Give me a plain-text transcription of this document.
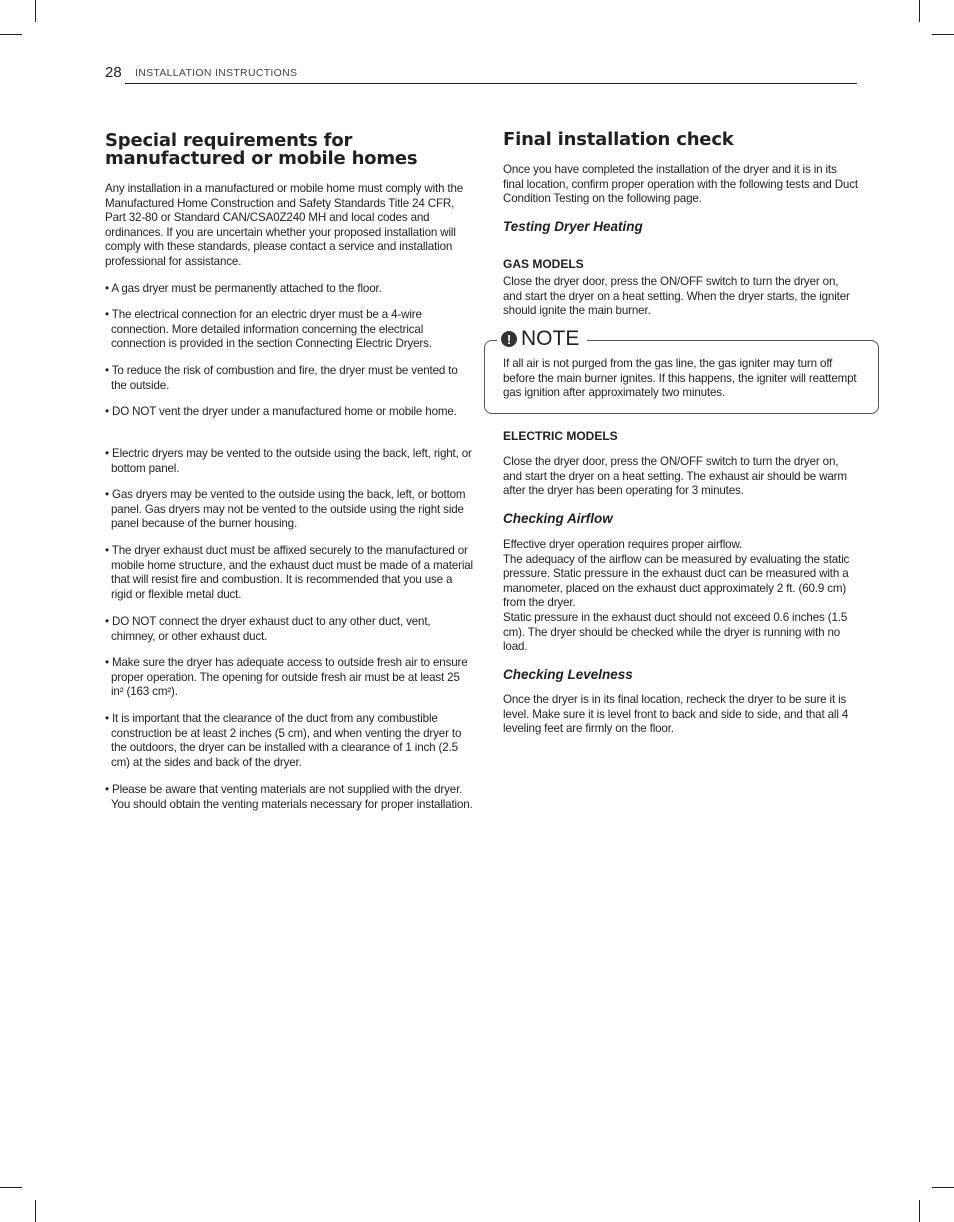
28 INSTALLATION INSTRUCTIONS
Special requirements for manufactured or mobile homes
Any installation in a manufactured or mobile home must comply with the Manufactured Home Construction and Safety Standards Title 24 CFR, Part 32-80 or Standard CAN/CSA0Z240 MH and local codes and ordinances. If you are uncertain whether your proposed installation will comply with these standards, please contact a service and installation professional for assistance.
• A gas dryer must be permanently attached to the floor.
• The electrical connection for an electric dryer must be a 4-wire connection. More detailed information concerning the electrical connection is provided in the section Connecting Electric Dryers.
• To reduce the risk of combustion and fire, the dryer must be vented to the outside.
• DO NOT vent the dryer under a manufactured home or mobile home.
• Electric dryers may be vented to the outside using the back, left, right, or bottom panel.
• Gas dryers may be vented to the outside using the back, left, or bottom panel. Gas dryers may not be vented to the outside using the right side panel because of the burner housing.
• The dryer exhaust duct must be affixed securely to the manufactured or mobile home structure, and the exhaust duct must be made of a material that will resist fire and combustion. It is recommended that you use a rigid or flexible metal duct.
• DO NOT connect the dryer exhaust duct to any other duct, vent, chimney, or other exhaust duct.
• Make sure the dryer has adequate access to outside fresh air to ensure proper operation. The opening for outside fresh air must be at least 25 in² (163 cm²).
• It is important that the clearance of the duct from any combustible construction be at least 2 inches (5 cm), and when venting the dryer to the outdoors, the dryer can be installed with a clearance of 1 inch (2.5 cm) at the sides and back of the dryer.
• Please be aware that venting materials are not supplied with the dryer. You should obtain the venting materials necessary for proper installation.
Final installation check
Once you have completed the installation of the dryer and it is in its final location, confirm proper operation with the following tests and Duct Condition Testing on the following page.
Testing Dryer Heating
GAS MODELS
Close the dryer door, press the ON/OFF switch to turn the dryer on, and start the dryer on a heat setting. When the dryer starts, the igniter should ignite the main burner.
! NOTE
If all air is not purged from the gas line, the gas igniter may turn off before the main burner ignites. If this happens, the igniter will reattempt gas ignition after approximately two minutes.
ELECTRIC MODELS
Close the dryer door, press the ON/OFF switch to turn the dryer on, and start the dryer on a heat setting. The exhaust air should be warm after the dryer has been operating for 3 minutes.
Checking Airflow
Effective dryer operation requires proper airflow.
The adequacy of the airflow can be measured by evaluating the static pressure. Static pressure in the exhaust duct can be measured with a manometer, placed on the exhaust duct approximately 2 ft. (60.9 cm) from the dryer.
Static pressure in the exhaust duct should not exceed 0.6 inches (1.5 cm). The dryer should be checked while the dryer is running with no load.
Checking Levelness
Once the dryer is in its final location, recheck the dryer to be sure it is level. Make sure it is level front to back and side to side, and that all 4 leveling feet are firmly on the floor.
